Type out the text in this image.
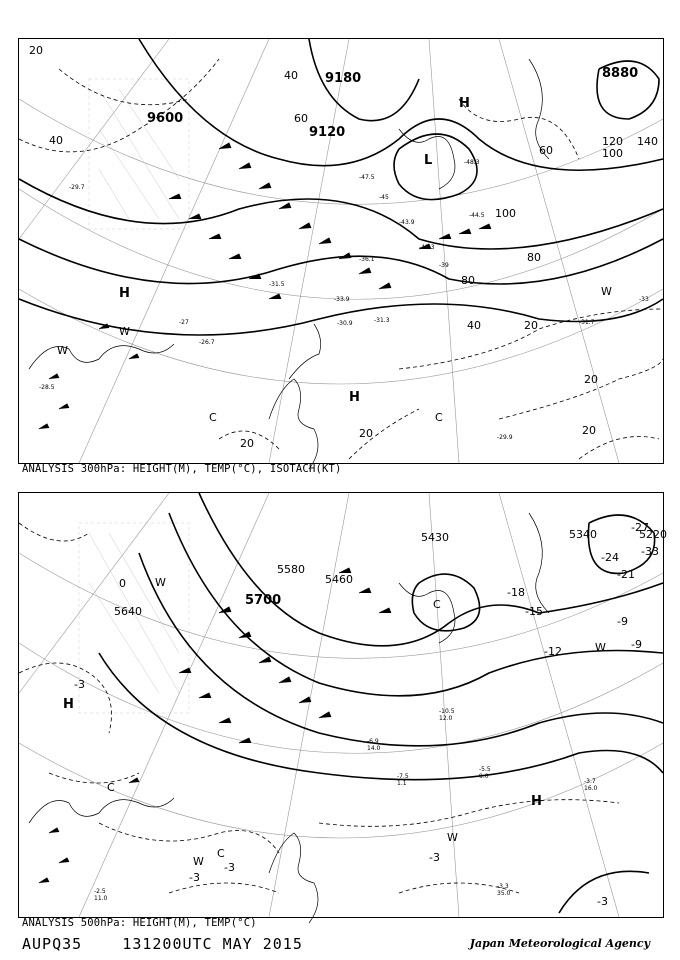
9600
9120
9180	8880
20
40
40
60
60
80
80
100
100
120 140
40	20
20
20
20
20
H
H
H
L
W
W
W
C	C
-31.3
-33.9
-30.9
-31.5
-29.7
-28.5
-26.7
-27
-29.9
-31.7
-41.3
-43.9
-45
-47.5
-44.5
-48.3
-36.1
-39
-33
ANALYSIS 300hPa: HEIGHT(M), TEMP(°C), ISOTACH(KT)
5700
5580
5460
5430	5340	5220
5640
-3
-3
-3
-3
-3
-9
-12
-15
-18
-21
-24
-27
-33
-9
0
H
H
C
C
W
W
W
W
C
-7.5
1.1
-5.5
9.0
-3.7
16.0
-3.3
35.0
-2.5
11.0
-6.9
14.0
-10.5
12.0
ANALYSIS 500hPa: HEIGHT(M), TEMP(°C)
AUPQ35	131200UTC MAY 2015	Japan Meteorological Agency
